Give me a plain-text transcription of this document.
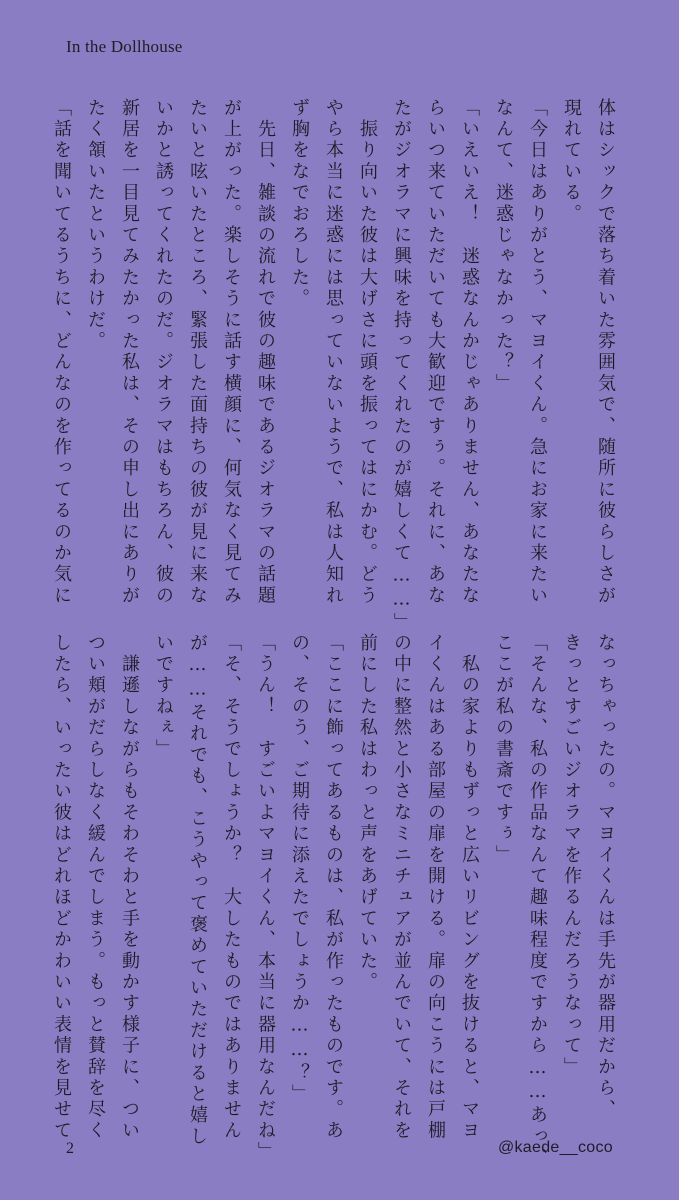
In the Dollhouse
体はシックで落ち着いた雰囲気で、随所に彼らしさが
現れている。
「今日はありがとう、マヨイくん。急にお家に来たい
なんて、迷惑じゃなかった？」
「いえいえ！　迷惑なんかじゃありません、あなたな
らいつ来ていただいても大歓迎ですぅ。それに、あな
たがジオラマに興味を持ってくれたのが嬉しくて……」
　振り向いた彼は大げさに頭を振ってはにかむ。どう
やら本当に迷惑には思っていないようで、私は人知れ
ず胸をなでおろした。
　先日、雑談の流れで彼の趣味であるジオラマの話題
が上がった。楽しそうに話す横顔に、何気なく見てみ
たいと呟いたところ、緊張した面持ちの彼が見に来な
いかと誘ってくれたのだ。ジオラマはもちろん、彼の
新居を一目見てみたかった私は、その申し出にありが
たく頷いたというわけだ。
「話を聞いてるうちに、どんなのを作ってるのか気に
なっちゃったの。マヨイくんは手先が器用だから、
きっとすごいジオラマを作るんだろうなって」
「そんな、私の作品なんて趣味程度ですから……あっ、
ここが私の書斎ですぅ」
　私の家よりもずっと広いリビングを抜けると、マヨ
イくんはある部屋の扉を開ける。扉の向こうには戸棚
の中に整然と小さなミニチュアが並んでいて、それを
前にした私はわっと声をあげていた。
「ここに飾ってあるものは、私が作ったものです。あ
の、そのう、ご期待に添えたでしょうか……？」
「うん！　すごいよマヨイくん、本当に器用なんだね」
「そ、そうでしょうか？　大したものではありません
が……それでも、こうやって褒めていただけると嬉し
いですねぇ」
　謙遜しながらもそわそわと手を動かす様子に、つい
つい頬がだらしなく緩んでしまう。もっと賛辞を尽く
したら、いったい彼はどれほどかわいい表情を見せて
2	@kaede__coco
